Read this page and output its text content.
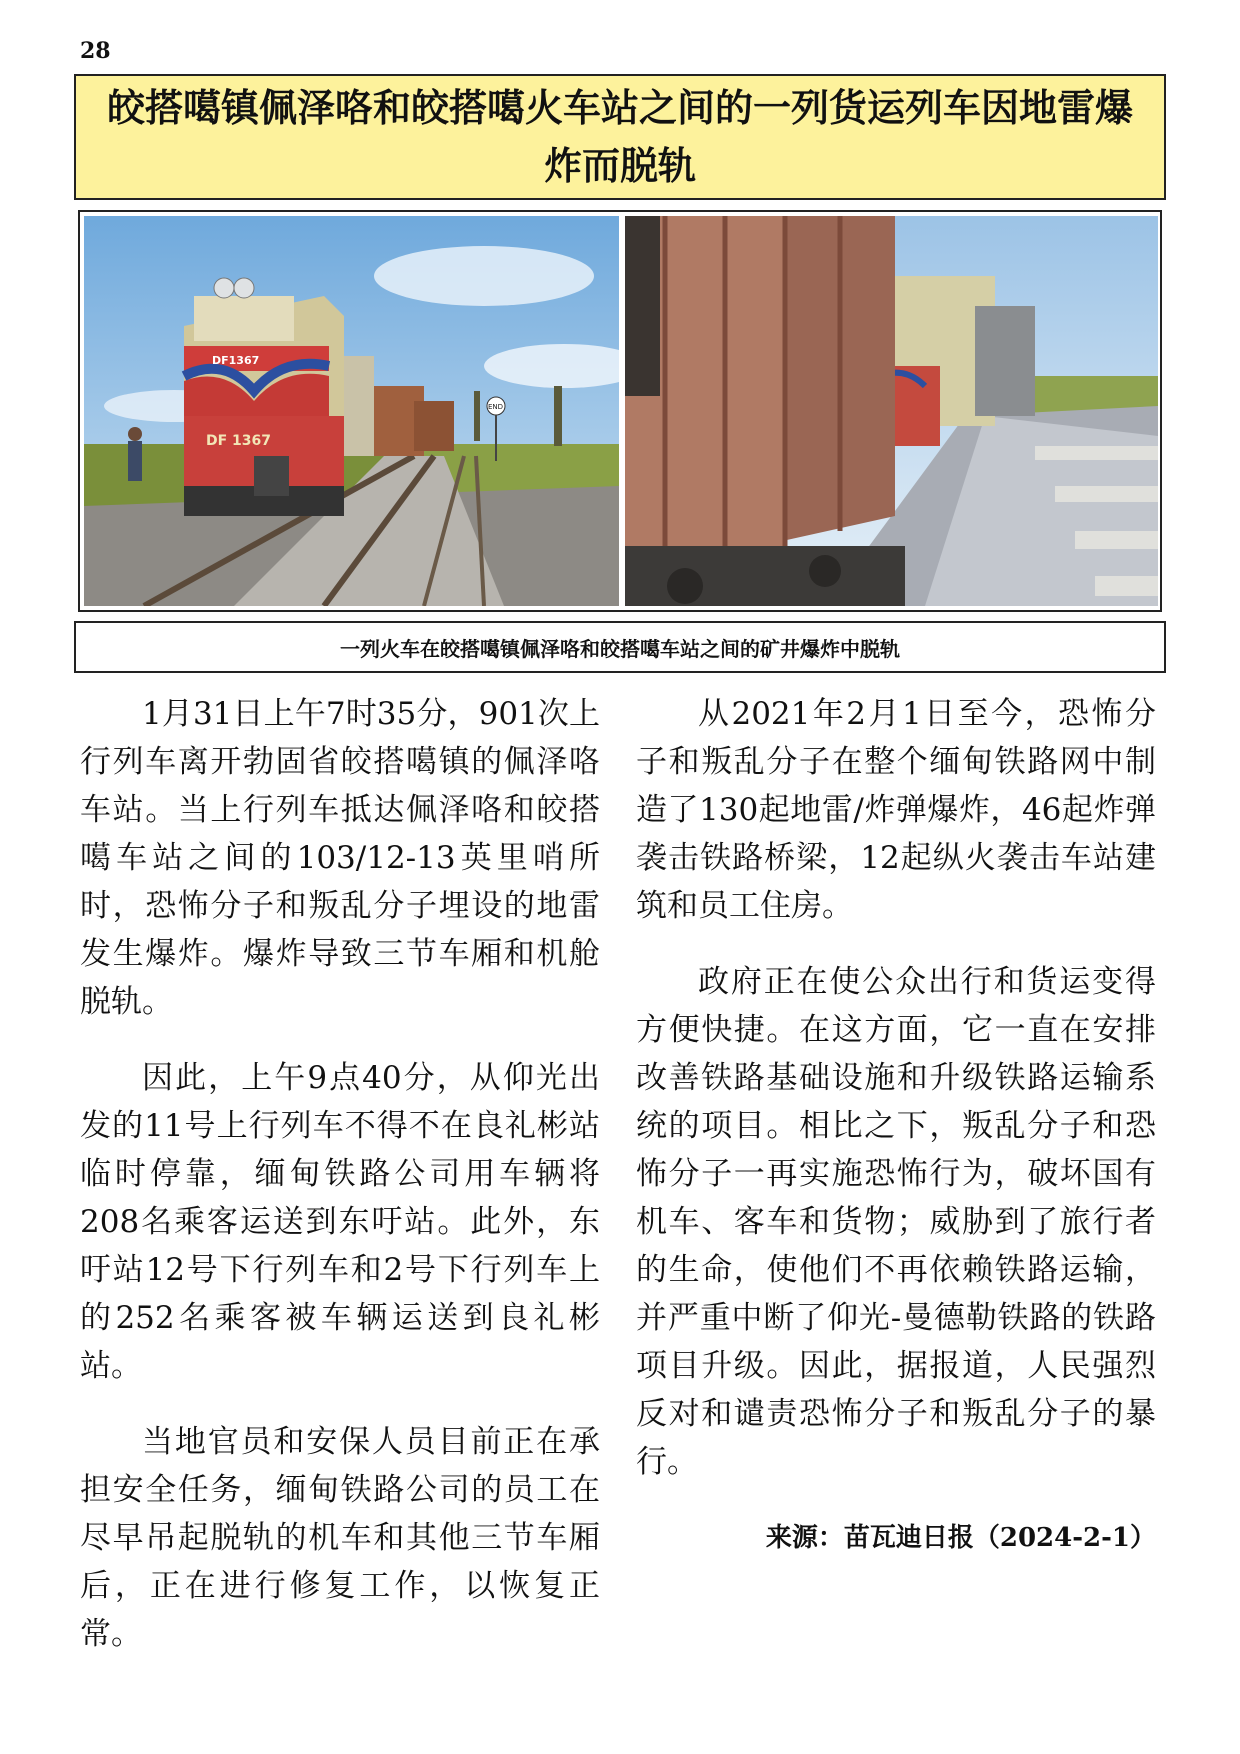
28
皎搭噶镇佩泽咯和皎搭噶火车站之间的一列货运列车因地雷爆炸而脱轨
DF 1367
DF1367
END
一列火车在皎搭噶镇佩泽咯和皎搭噶车站之间的矿井爆炸中脱轨

1月31日上午7时35分，901次上行列车离开勃固省皎搭噶镇的佩泽咯车站。当上行列车抵达佩泽咯和皎搭噶车站之间的103/12-13英里哨所时，恐怖分子和叛乱分子埋设的地雷发生爆炸。爆炸导致三节车厢和机舱脱轨。

因此，上午9点40分，从仰光出发的11号上行列车不得不在良礼彬站临时停靠，缅甸铁路公司用车辆将208名乘客运送到东吁站。此外，东吁站12号下行列车和2号下行列车上的252名乘客被车辆运送到良礼彬站。

当地官员和安保人员目前正在承担安全任务，缅甸铁路公司的员工在尽早吊起脱轨的机车和其他三节车厢后，正在进行修复工作，以恢复正常。

从2021年2月1日至今，恐怖分子和叛乱分子在整个缅甸铁路网中制造了130起地雷/炸弹爆炸，46起炸弹袭击铁路桥梁，12起纵火袭击车站建筑和员工住房。

政府正在使公众出行和货运变得方便快捷。在这方面，它一直在安排改善铁路基础设施和升级铁路运输系统的项目。相比之下，叛乱分子和恐怖分子一再实施恐怖行为，破坏国有机车、客车和货物；威胁到了旅行者的生命，使他们不再依赖铁路运输，并严重中断了仰光-曼德勒铁路的铁路项目升级。因此，据报道，人民强烈反对和谴责恐怖分子和叛乱分子的暴行。

来源：苗瓦迪日报（2024-2-1）
